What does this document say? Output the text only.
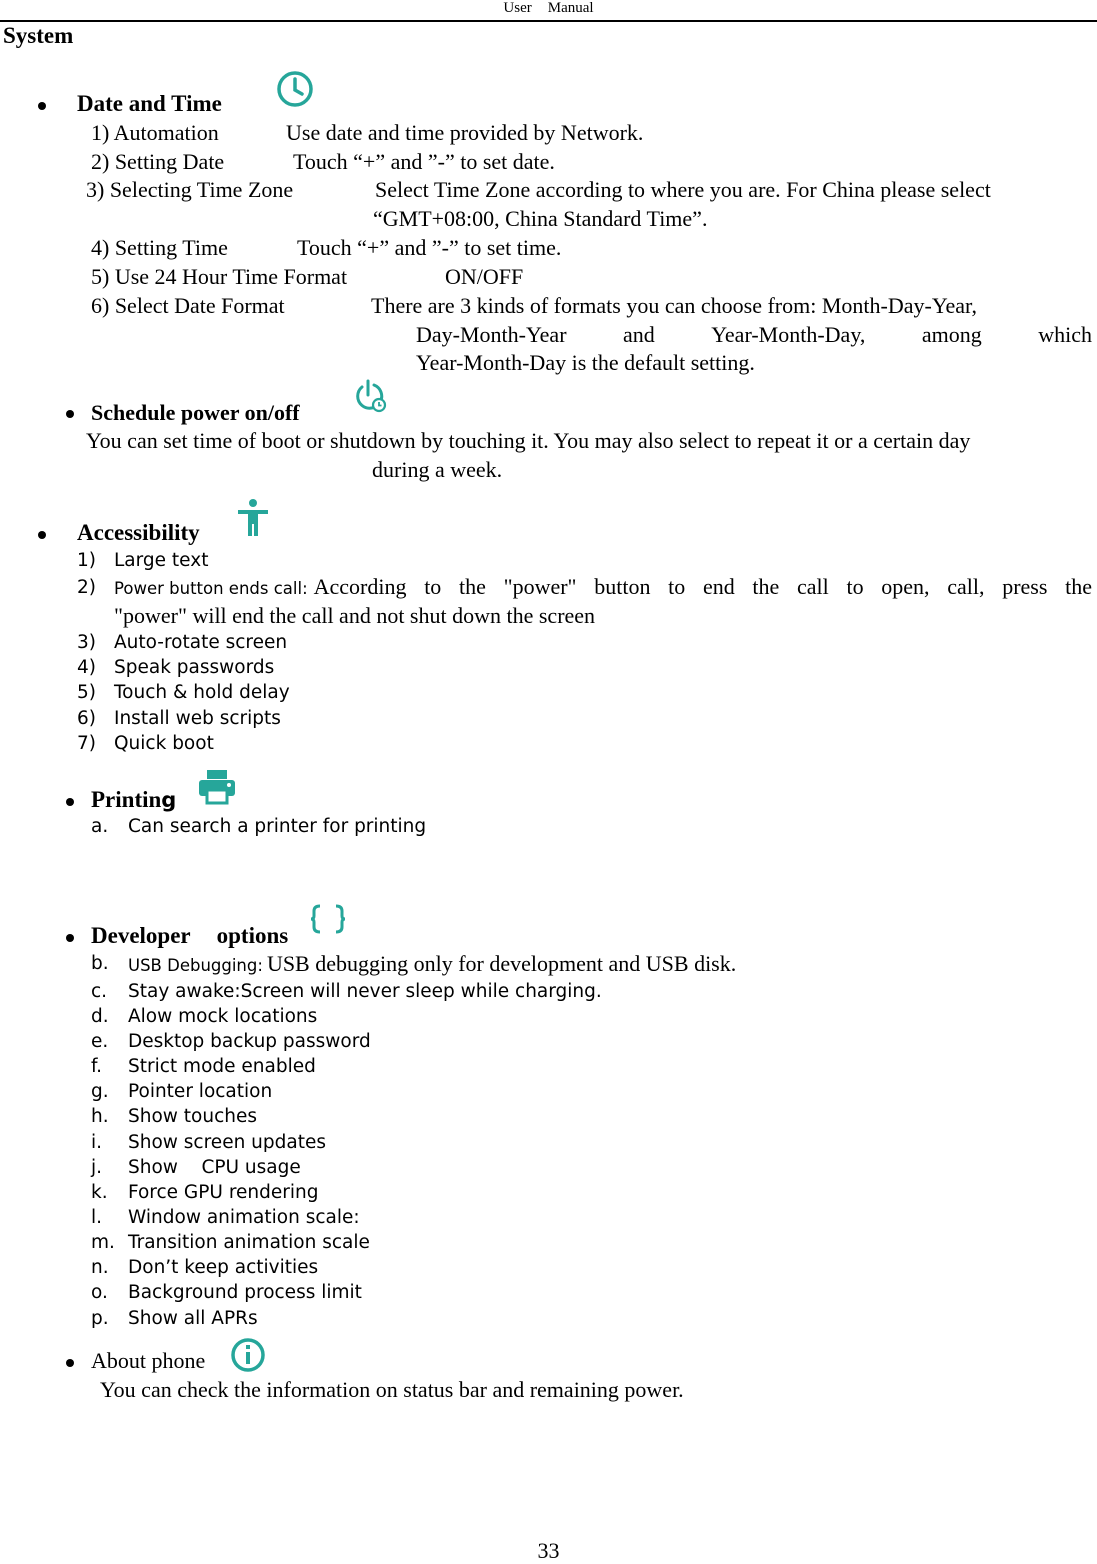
User Manual
System
Date and Time
1) Automation	Use date and time provided by Network.
2) Setting Date	Touch “+” and ”-” to set date.
3) Selecting Time Zone	Select Time Zone according to where you are. For China please select
“GMT+08:00, China Standard Time”.
4) Setting Time	Touch “+” and ”-” to set time.
5) Use 24 Hour Time Format	ON/OFF
6) Select Date Format	There are 3 kinds of formats you can choose from: Month-Day-Year,
Day-Month-Year	and	Year-Month-Day,	among	which
Year-Month-Day is the default setting.
Schedule power on/off
You can set time of boot or shutdown by touching it. You may also select to repeat it or a certain day
during a week.
Accessibility
1) Large text
2) Power button ends call: According to the "power" button to end the call to open, call, press the
"power" will end the call and not shut down the screen
3) Auto-rotate screen
4) Speak passwords
5) Touch & hold delay
6) Install web scripts
7) Quick boot
Printing
a. Can search a printer for printing
Developer options
b. USB Debugging: USB debugging only for development and USB disk.
c. Stay awake:Screen will never sleep while charging.
d. Alow mock locations
e. Desktop backup password
f. Strict mode enabled
g. Pointer location
h. Show touches
i. Show screen updates
j. Show    CPU usage
k. Force GPU rendering
l. Window animation scale:
m. Transition animation scale
n. Don’t keep activities
o. Background process limit
p. Show all APRs
About phone
You can check the information on status bar and remaining power.
33
